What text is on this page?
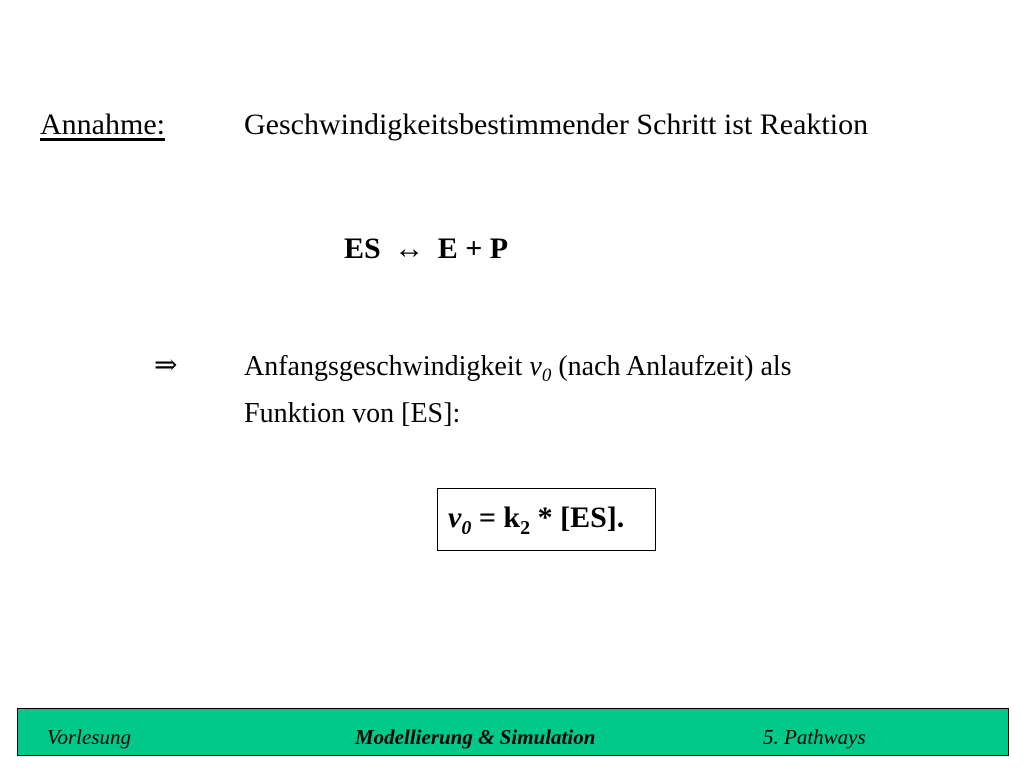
Annahme:	Geschwindigkeitsbestimmender Schritt ist Reaktion
ES ↔ E + P
⇒ Anfangsgeschwindigkeit $v_0$ (nach Anlaufzeit) als
Funktion von [ES]:
$v_0 = k_2 * [ES]$.
Vorlesung	Modellierung & Simulation	5. Pathways
